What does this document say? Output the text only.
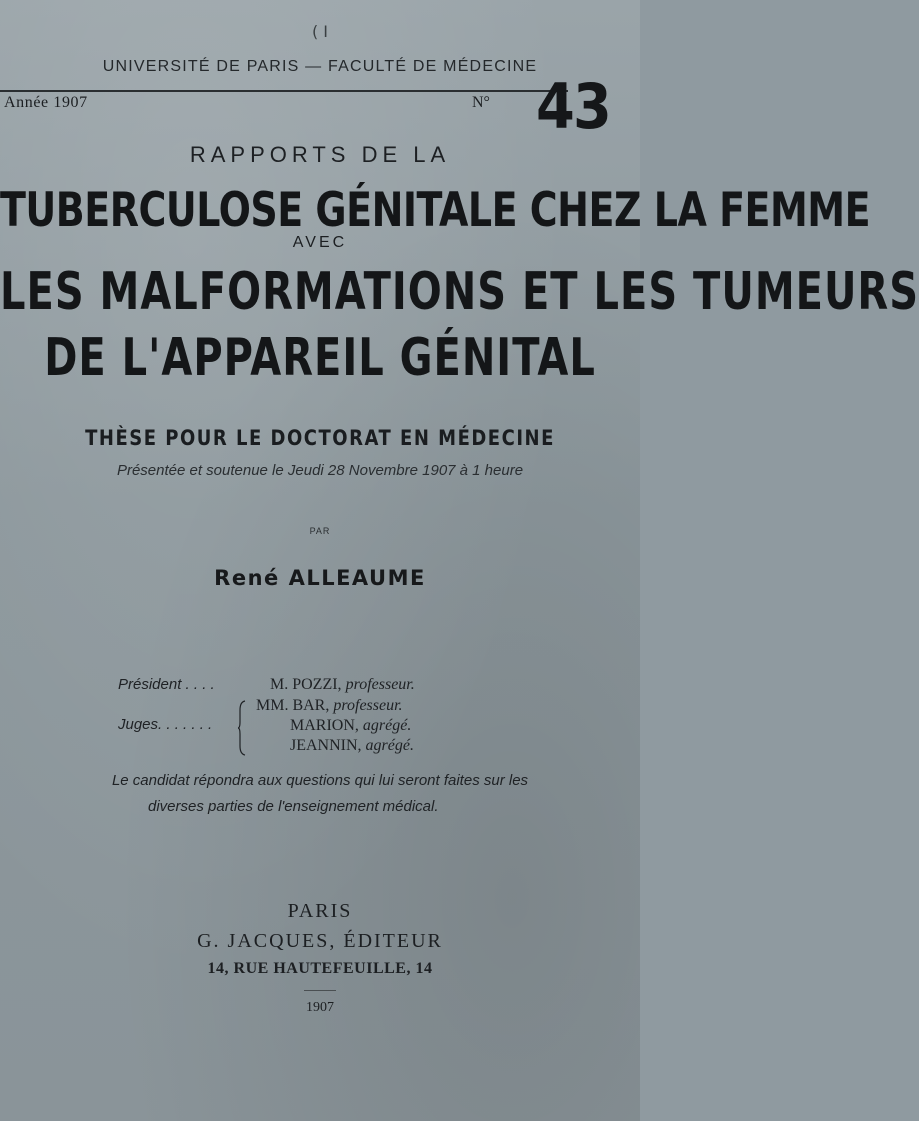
( I
UNIVERSITÉ DE PARIS — FACULTÉ DE MÉDECINE
Année 1907	N° 43
RAPPORTS DE LA
TUBERCULOSE GÉNITALE CHEZ LA FEMME
AVEC
LES MALFORMATIONS ET LES TUMEURS
DE L'APPAREIL GÉNITAL
THÈSE POUR LE DOCTORAT EN MÉDECINE
Présentée et soutenue le Jeudi 28 Novembre 1907 à 1 heure
PAR
René ALLEAUME
Président . . . .	M. POZZI, professeur.
Juges. . . . . . .
MM. BAR, professeur.
MARION, agrégé.
JEANNIN, agrégé.
Le candidat répondra aux questions qui lui seront faites sur les
diverses parties de l'enseignement médical.
PARIS
G. JACQUES, ÉDITEUR
14, RUE HAUTEFEUILLE, 14
1907
